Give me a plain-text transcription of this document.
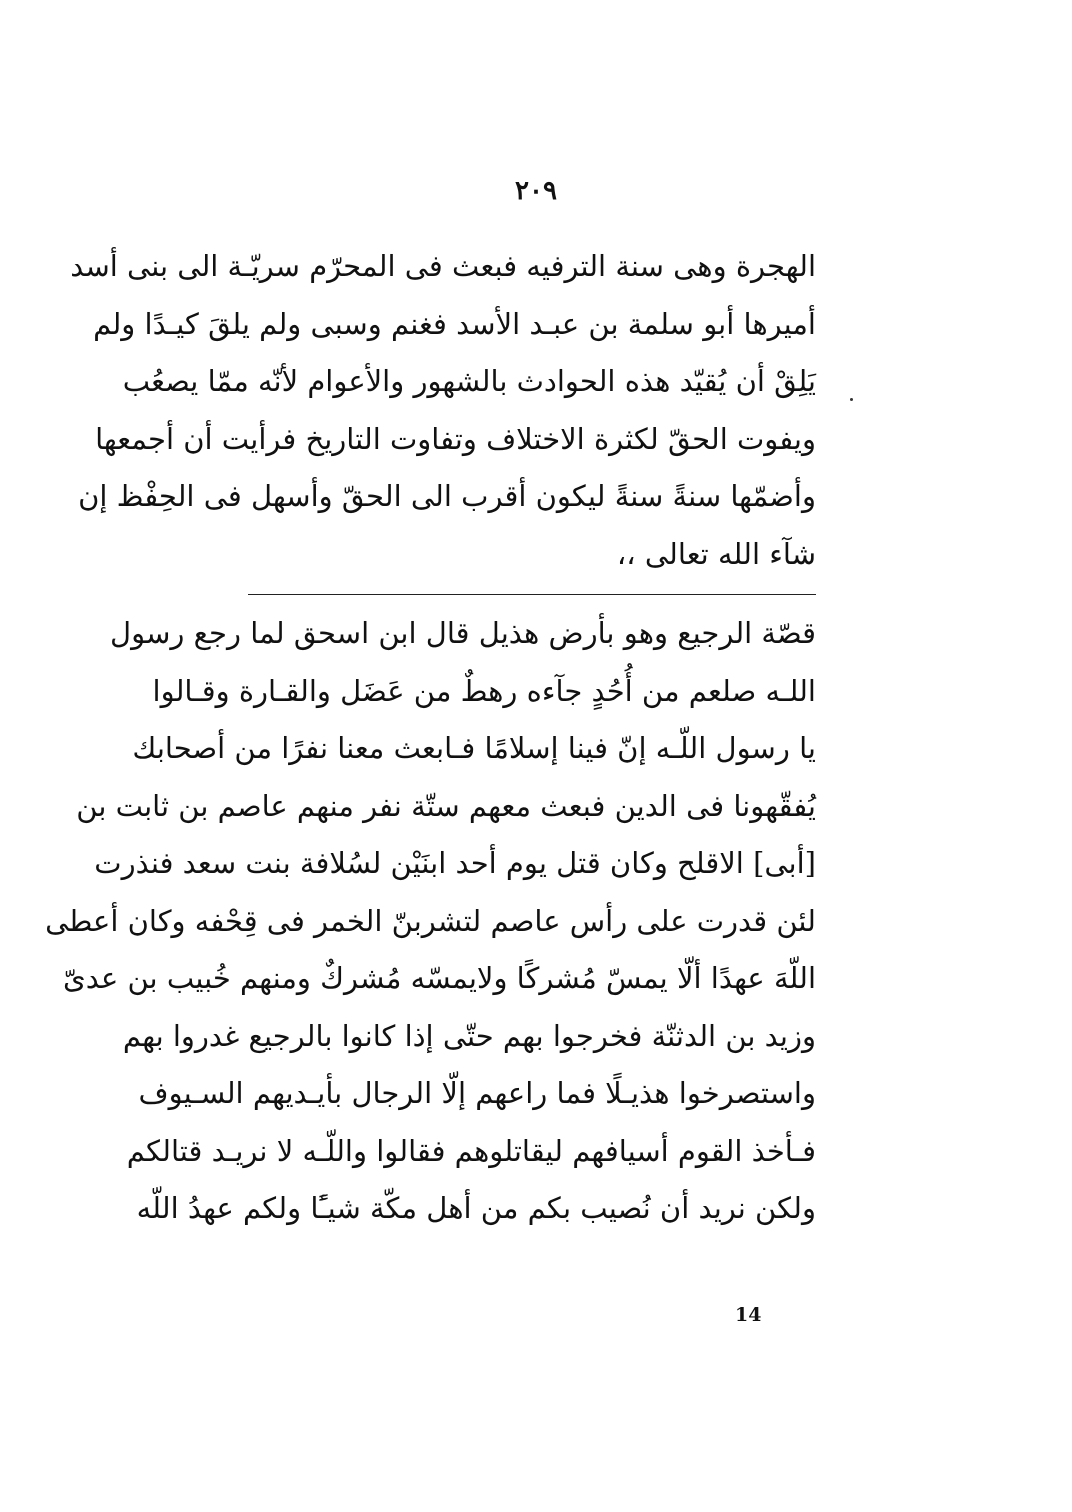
٢٠٩
الهجرة وهى سنة الترفيه فبعث فى المحرّم سريّـة الى بنى أسد
أميرها أبو سلمة بن عبـد الأسد فغنم وسبى ولم يلقَ كيـدًا ولم
يَلِقْ أن يُقيّد هذه الحوادث بالشهور والأعوام لأنّه ممّا يصعُب
ويفوت الحقّ لكثرة الاختلاف وتفاوت التاريخ فرأيت أن أجمعها
وأضمّها سنةً سنةً ليكون أقرب الى الحقّ وأسهل فى الحِفْظ إن
شآء الله تعالى ،،
قصّة الرجيع وهو بأرض هذيل قال ابن اسحق لما رجع رسول
اللـه صلعم من أُحُدٍ جآءه رهطٌ من عَضَل والقـارة وقـالوا
يا رسول اللّـه إنّ فينا إسلامًا فـابعث معنا نفرًا من أصحابك
يُفقّهونا فى الدين فبعث معهم ستّة نفر منهم عاصم بن ثابت بن
[أبى] الاقلح وكان قتل يوم أحد ابنَيْن لسُلافة بنت سعد فنذرت
لئن قدرت على رأس عاصم لتشربنّ الخمر فى قِحْفه وكان أعطى
اللّهَ عهدًا ألّا يمسّ مُشركًا ولايمسّه مُشركٌ ومنهم خُبيب بن عدىّ
وزيد بن الدثنّة فخرجوا بهم حتّى إذا كانوا بالرجيع غدروا بهم
واستصرخوا هذيـلًا فما راعهم إلّا الرجال بأيـديهم السـيوف
فـأخذ القوم أسيافهم ليقاتلوهم فقالوا واللّـه لا نريـد قتالكم
ولكن نريد أن نُصيب بكم من أهل مكّة شيـًٔا ولكم عهدُ اللّه
14
